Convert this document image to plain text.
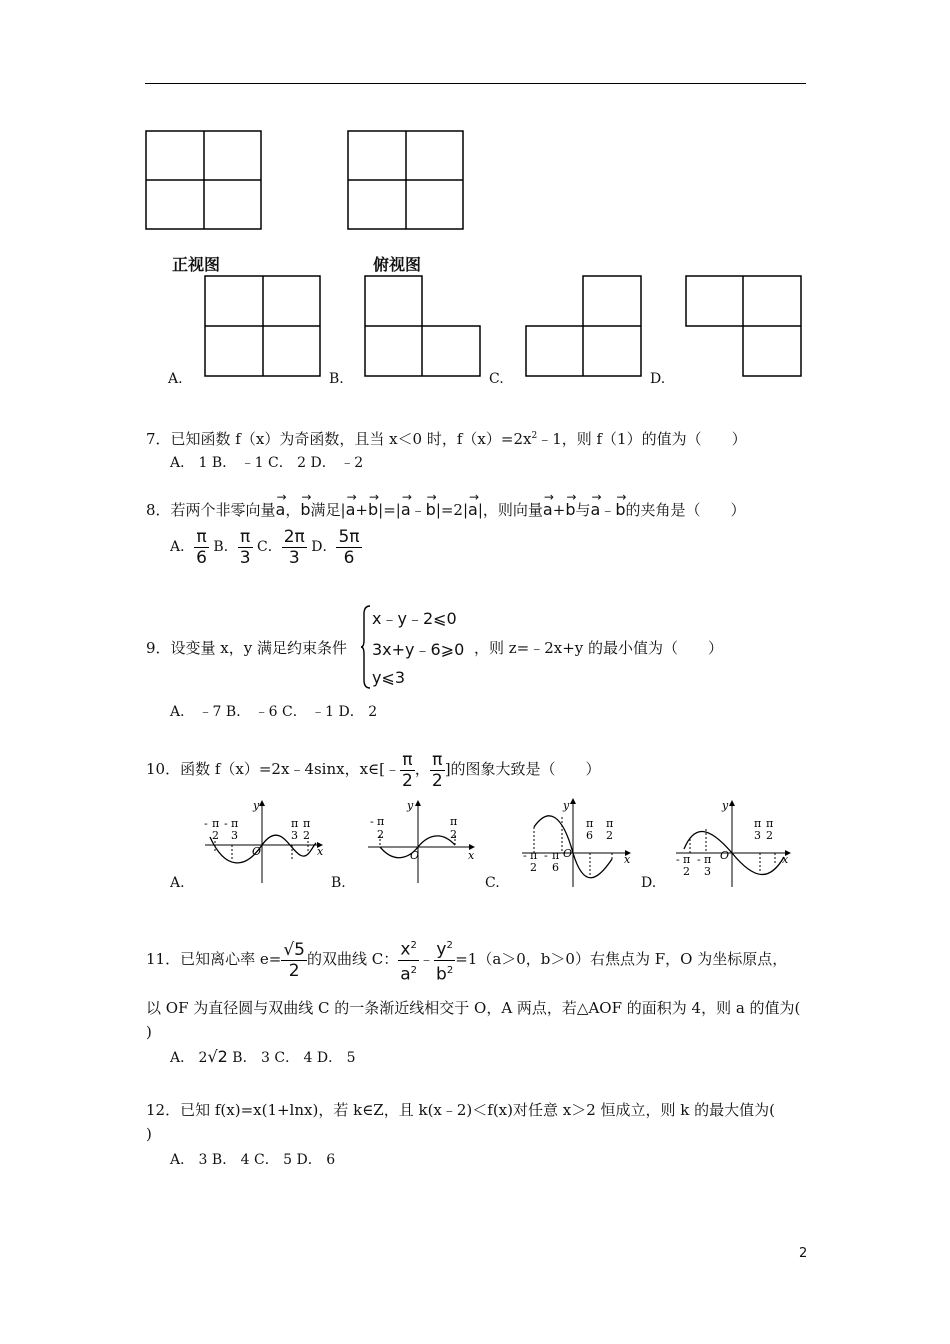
正视图	俯视图
A.	B.	C.	D.
7．已知函数 f（x）为奇函数，且当 x＜0 时，$f(x)=2x^2﹣1$，则 f（1）的值为（　　）
A． 1 B． ﹣1 C． 2 D． ﹣2
8．若两个非零向量→ a，→ b满足|→ a+→ b|=|→ a﹣→ b|=2|→ a|，则向量→ a+→ b与→ a﹣→ b的夹角是（　　）
A． $\frac{\pi}{6}$ B． $\frac{\pi}{3}$ C． $\frac{2\pi}{3}$ D． $\frac{5\pi}{6}$
9．设变量 x，y 满足约束条件
x﹣y﹣2⩽0
3x+y﹣6⩾0
y⩽3
，则 z=﹣2x+y 的最小值为（　　）
A． ﹣7 B． ﹣6 C． ﹣1 D． 2
10．函数 f（x）=2x﹣4sinx，x∈[﹣ $\frac{\pi}{2}$ ， $\frac{\pi}{2}$ ]的图象大致是（　　）
- π
2
- π
3
π
3
π
2
O	x
y
- π
2
π
2
O	x
y
π
6
π
2
- π
2
- π
6
O	x
y
π
3
π
2
- π
2
- π
3
O	x
y
A.	B.	C.	D.
11．已知离心率 $e= \frac{√5}{2}$ 的双曲线 C： $\frac{x^2}{a^2}$ ﹣ $\frac{y^2}{b^2} =1(a>0$，b＞0）右焦点为 F，O 为坐标原点，
以 OF 为直径圆与双曲线 C 的一条渐近线相交于 O，A 两点，若△AOF 的面积为 4，则 a 的值为(
)
A． 2√2 B． 3 C． 4 D． 5
12．已知 f(x)=x(1+lnx)，若 k∈Z，且 k(x﹣2)＜f(x)对任意 x＞2 恒成立，则 k 的最大值为(
)
A． 3 B． 4 C． 5 D． 6
2
